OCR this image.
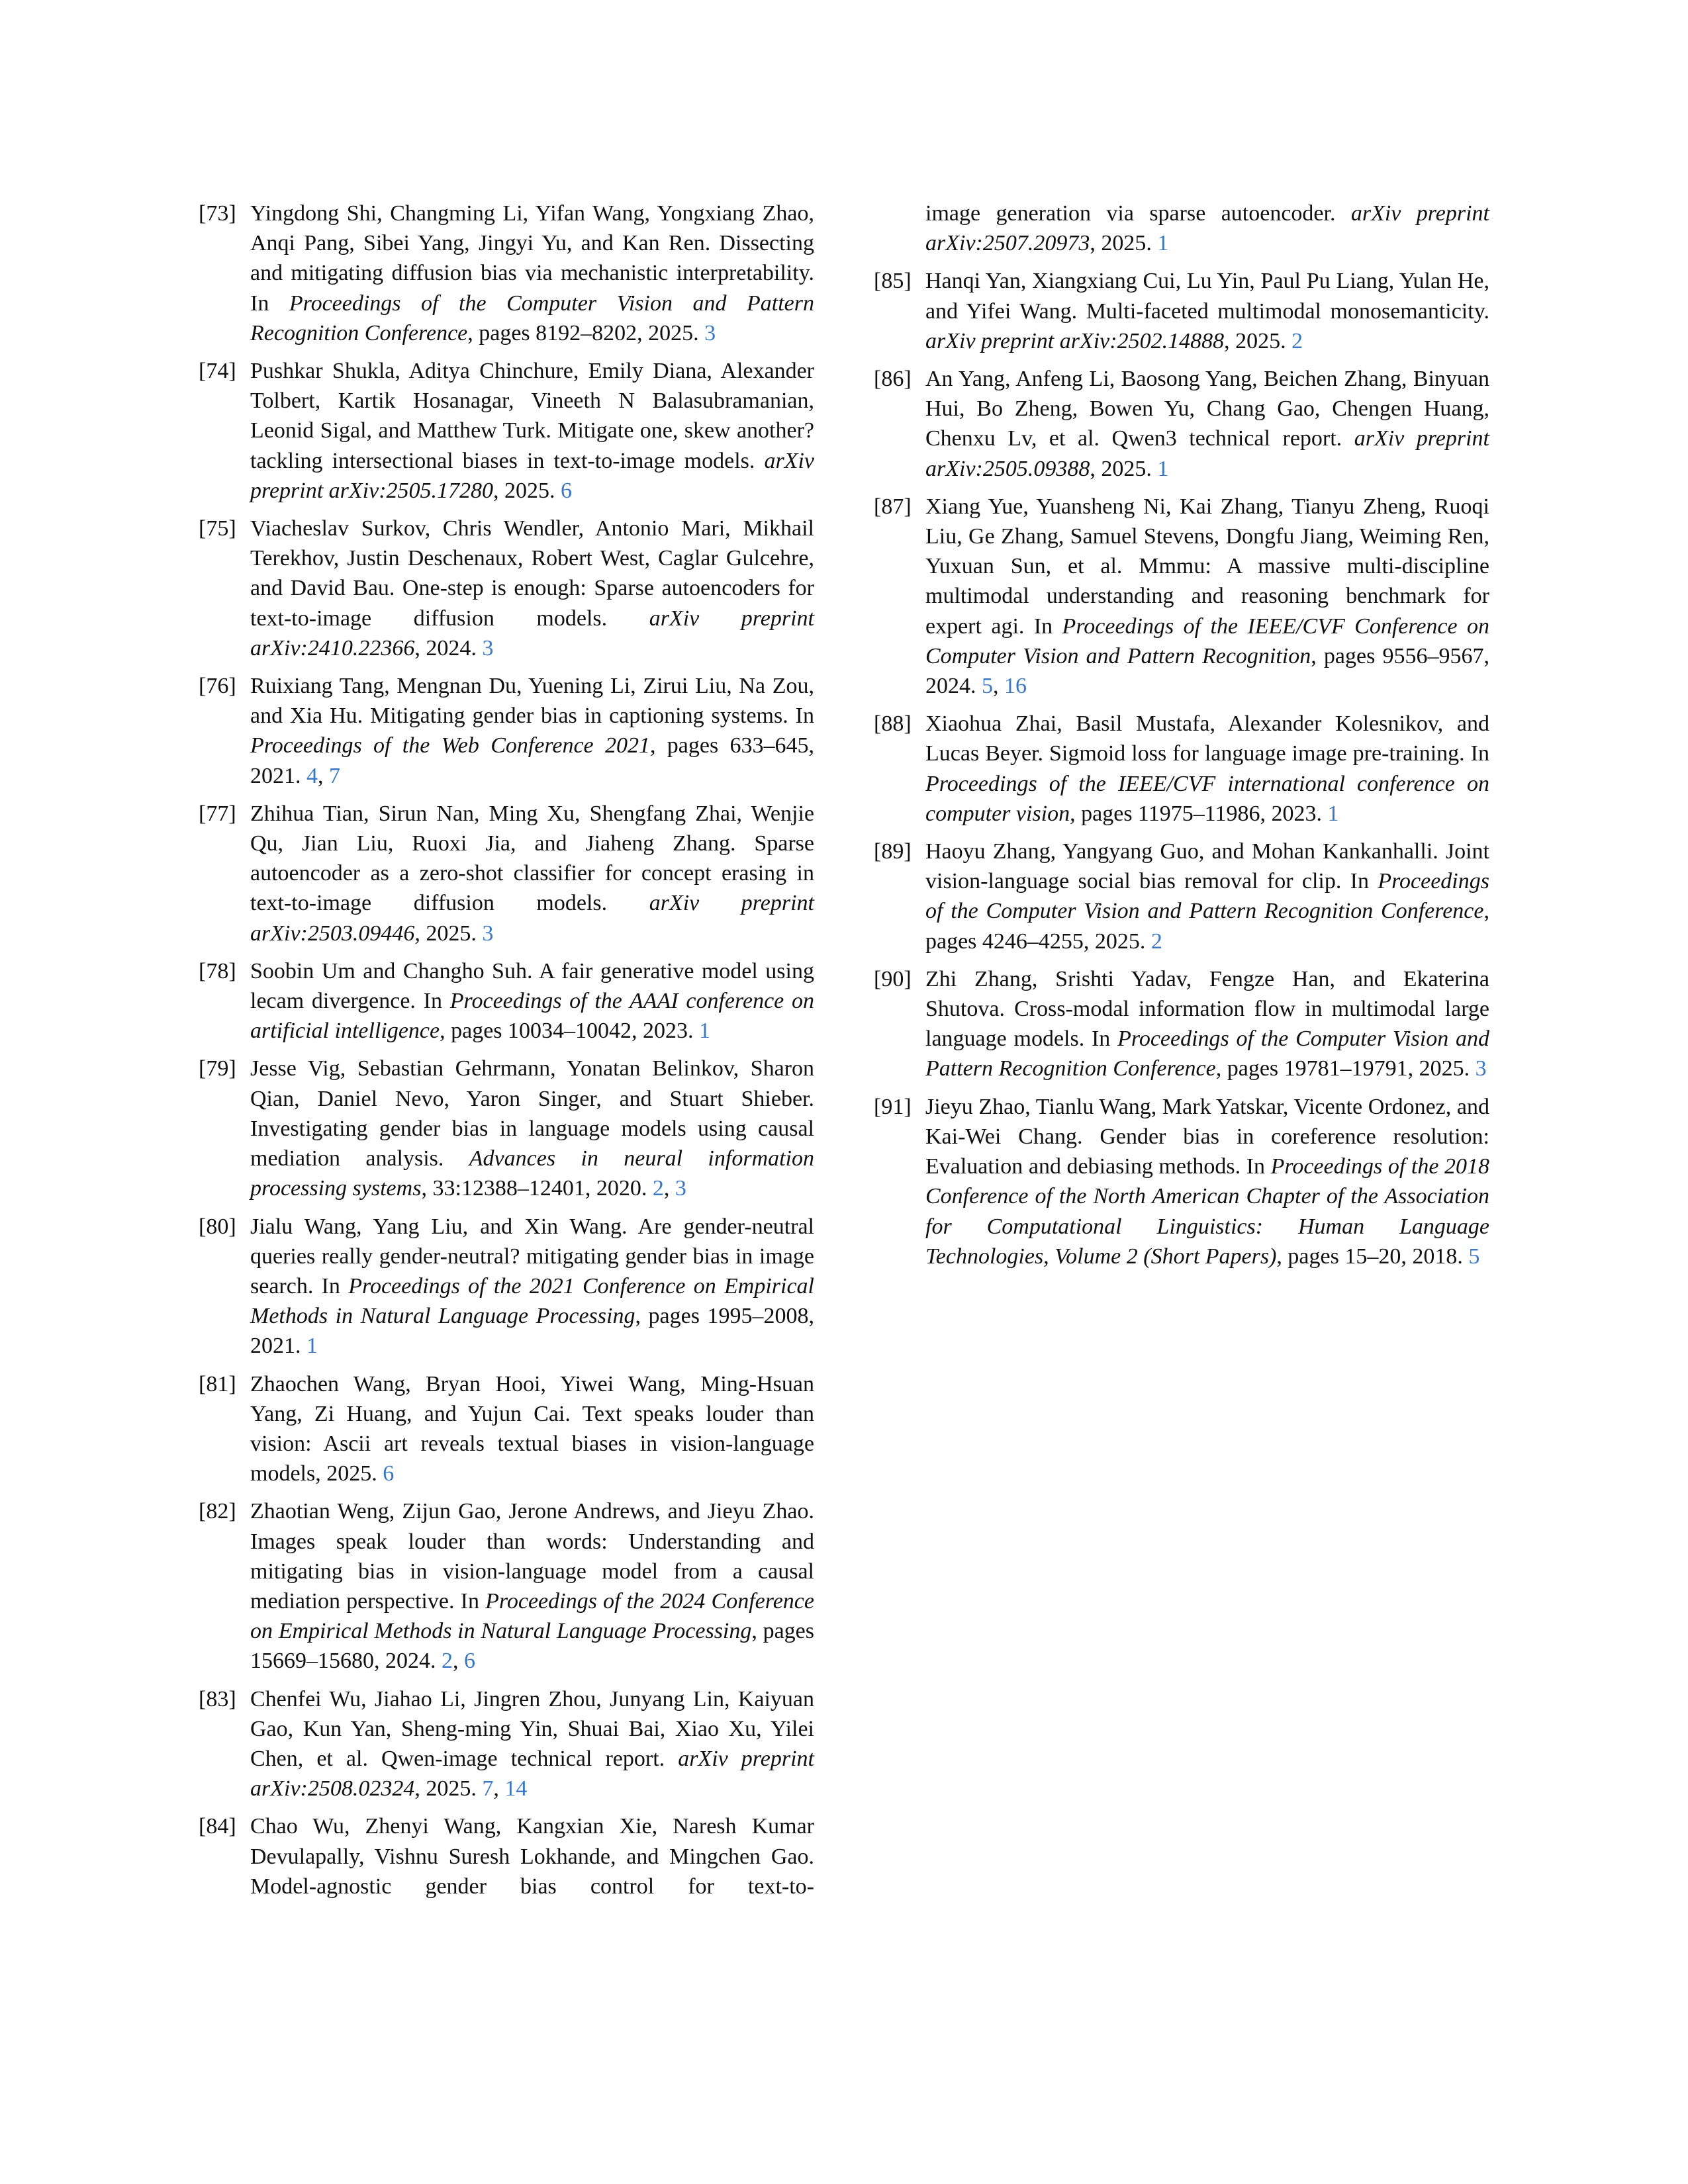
[73] Yingdong Shi, Changming Li, Yifan Wang, Yongxiang Zhao, Anqi Pang, Sibei Yang, Jingyi Yu, and Kan Ren. Dissecting and mitigating diffusion bias via mechanistic interpretability. In Proceedings of the Computer Vision and Pattern Recognition Conference, pages 8192–8202, 2025. 3
[74] Pushkar Shukla, Aditya Chinchure, Emily Diana, Alexander Tolbert, Kartik Hosanagar, Vineeth N Balasubramanian, Leonid Sigal, and Matthew Turk. Mitigate one, skew another? tackling intersectional biases in text-to-image models. arXiv preprint arXiv:2505.17280, 2025. 6
[75] Viacheslav Surkov, Chris Wendler, Antonio Mari, Mikhail Terekhov, Justin Deschenaux, Robert West, Caglar Gulcehre, and David Bau. One-step is enough: Sparse autoencoders for text-to-image diffusion models. arXiv preprint arXiv:2410.22366, 2024. 3
[76] Ruixiang Tang, Mengnan Du, Yuening Li, Zirui Liu, Na Zou, and Xia Hu. Mitigating gender bias in captioning systems. In Proceedings of the Web Conference 2021, pages 633–645, 2021. 4, 7
[77] Zhihua Tian, Sirun Nan, Ming Xu, Shengfang Zhai, Wenjie Qu, Jian Liu, Ruoxi Jia, and Jiaheng Zhang. Sparse autoencoder as a zero-shot classifier for concept erasing in text-to-image diffusion models. arXiv preprint arXiv:2503.09446, 2025. 3
[78] Soobin Um and Changho Suh. A fair generative model using lecam divergence. In Proceedings of the AAAI conference on artificial intelligence, pages 10034–10042, 2023. 1
[79] Jesse Vig, Sebastian Gehrmann, Yonatan Belinkov, Sharon Qian, Daniel Nevo, Yaron Singer, and Stuart Shieber. Investigating gender bias in language models using causal mediation analysis. Advances in neural information processing systems, 33:12388–12401, 2020. 2, 3
[80] Jialu Wang, Yang Liu, and Xin Wang. Are gender-neutral queries really gender-neutral? mitigating gender bias in image search. In Proceedings of the 2021 Conference on Empirical Methods in Natural Language Processing, pages 1995–2008, 2021. 1
[81] Zhaochen Wang, Bryan Hooi, Yiwei Wang, Ming-Hsuan Yang, Zi Huang, and Yujun Cai. Text speaks louder than vision: Ascii art reveals textual biases in vision-language models, 2025. 6
[82] Zhaotian Weng, Zijun Gao, Jerone Andrews, and Jieyu Zhao. Images speak louder than words: Understanding and mitigating bias in vision-language model from a causal mediation perspective. In Proceedings of the 2024 Conference on Empirical Methods in Natural Language Processing, pages 15669–15680, 2024. 2, 6
[83] Chenfei Wu, Jiahao Li, Jingren Zhou, Junyang Lin, Kaiyuan Gao, Kun Yan, Sheng-ming Yin, Shuai Bai, Xiao Xu, Yilei Chen, et al. Qwen-image technical report. arXiv preprint arXiv:2508.02324, 2025. 7, 14
[84] Chao Wu, Zhenyi Wang, Kangxian Xie, Naresh Kumar Devulapally, Vishnu Suresh Lokhande, and Mingchen Gao. Model-agnostic gender bias control for text-to-
image generation via sparse autoencoder. arXiv preprint arXiv:2507.20973, 2025. 1
[85] Hanqi Yan, Xiangxiang Cui, Lu Yin, Paul Pu Liang, Yulan He, and Yifei Wang. Multi-faceted multimodal monosemanticity. arXiv preprint arXiv:2502.14888, 2025. 2
[86] An Yang, Anfeng Li, Baosong Yang, Beichen Zhang, Binyuan Hui, Bo Zheng, Bowen Yu, Chang Gao, Chengen Huang, Chenxu Lv, et al. Qwen3 technical report. arXiv preprint arXiv:2505.09388, 2025. 1
[87] Xiang Yue, Yuansheng Ni, Kai Zhang, Tianyu Zheng, Ruoqi Liu, Ge Zhang, Samuel Stevens, Dongfu Jiang, Weiming Ren, Yuxuan Sun, et al. Mmmu: A massive multi-discipline multimodal understanding and reasoning benchmark for expert agi. In Proceedings of the IEEE/CVF Conference on Computer Vision and Pattern Recognition, pages 9556–9567, 2024. 5, 16
[88] Xiaohua Zhai, Basil Mustafa, Alexander Kolesnikov, and Lucas Beyer. Sigmoid loss for language image pre-training. In Proceedings of the IEEE/CVF international conference on computer vision, pages 11975–11986, 2023. 1
[89] Haoyu Zhang, Yangyang Guo, and Mohan Kankanhalli. Joint vision-language social bias removal for clip. In Proceedings of the Computer Vision and Pattern Recognition Conference, pages 4246–4255, 2025. 2
[90] Zhi Zhang, Srishti Yadav, Fengze Han, and Ekaterina Shutova. Cross-modal information flow in multimodal large language models. In Proceedings of the Computer Vision and Pattern Recognition Conference, pages 19781–19791, 2025. 3
[91] Jieyu Zhao, Tianlu Wang, Mark Yatskar, Vicente Ordonez, and Kai-Wei Chang. Gender bias in coreference resolution: Evaluation and debiasing methods. In Proceedings of the 2018 Conference of the North American Chapter of the Association for Computational Linguistics: Human Language Technologies, Volume 2 (Short Papers), pages 15–20, 2018. 5
